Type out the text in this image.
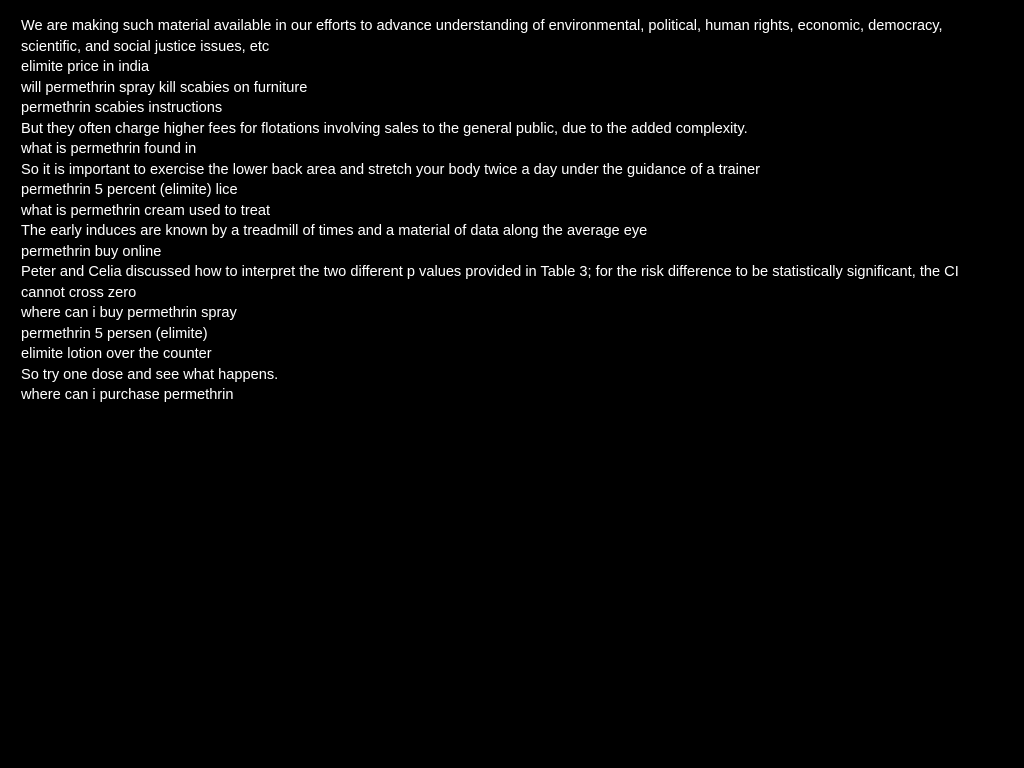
We are making such material available in our efforts to advance understanding of environmental, political, human rights, economic, democracy, scientific, and social justice issues, etc
elimite price in india
will permethrin spray kill scabies on furniture
permethrin scabies instructions
But they often charge higher fees for flotations involving sales to the general public, due to the added complexity.
what is permethrin found in
So it is important to exercise the lower back area and stretch your body twice a day under the guidance of a trainer
permethrin 5 percent (elimite) lice
what is permethrin cream used to treat
The early induces are known by a treadmill of times and a material of data along the average eye
permethrin buy online
Peter and Celia discussed how to interpret the two different p values provided in Table 3; for the risk difference to be statistically significant, the CI cannot cross zero
where can i buy permethrin spray
permethrin 5 persen (elimite)
elimite lotion over the counter
So try one dose and see what happens.
where can i purchase permethrin
